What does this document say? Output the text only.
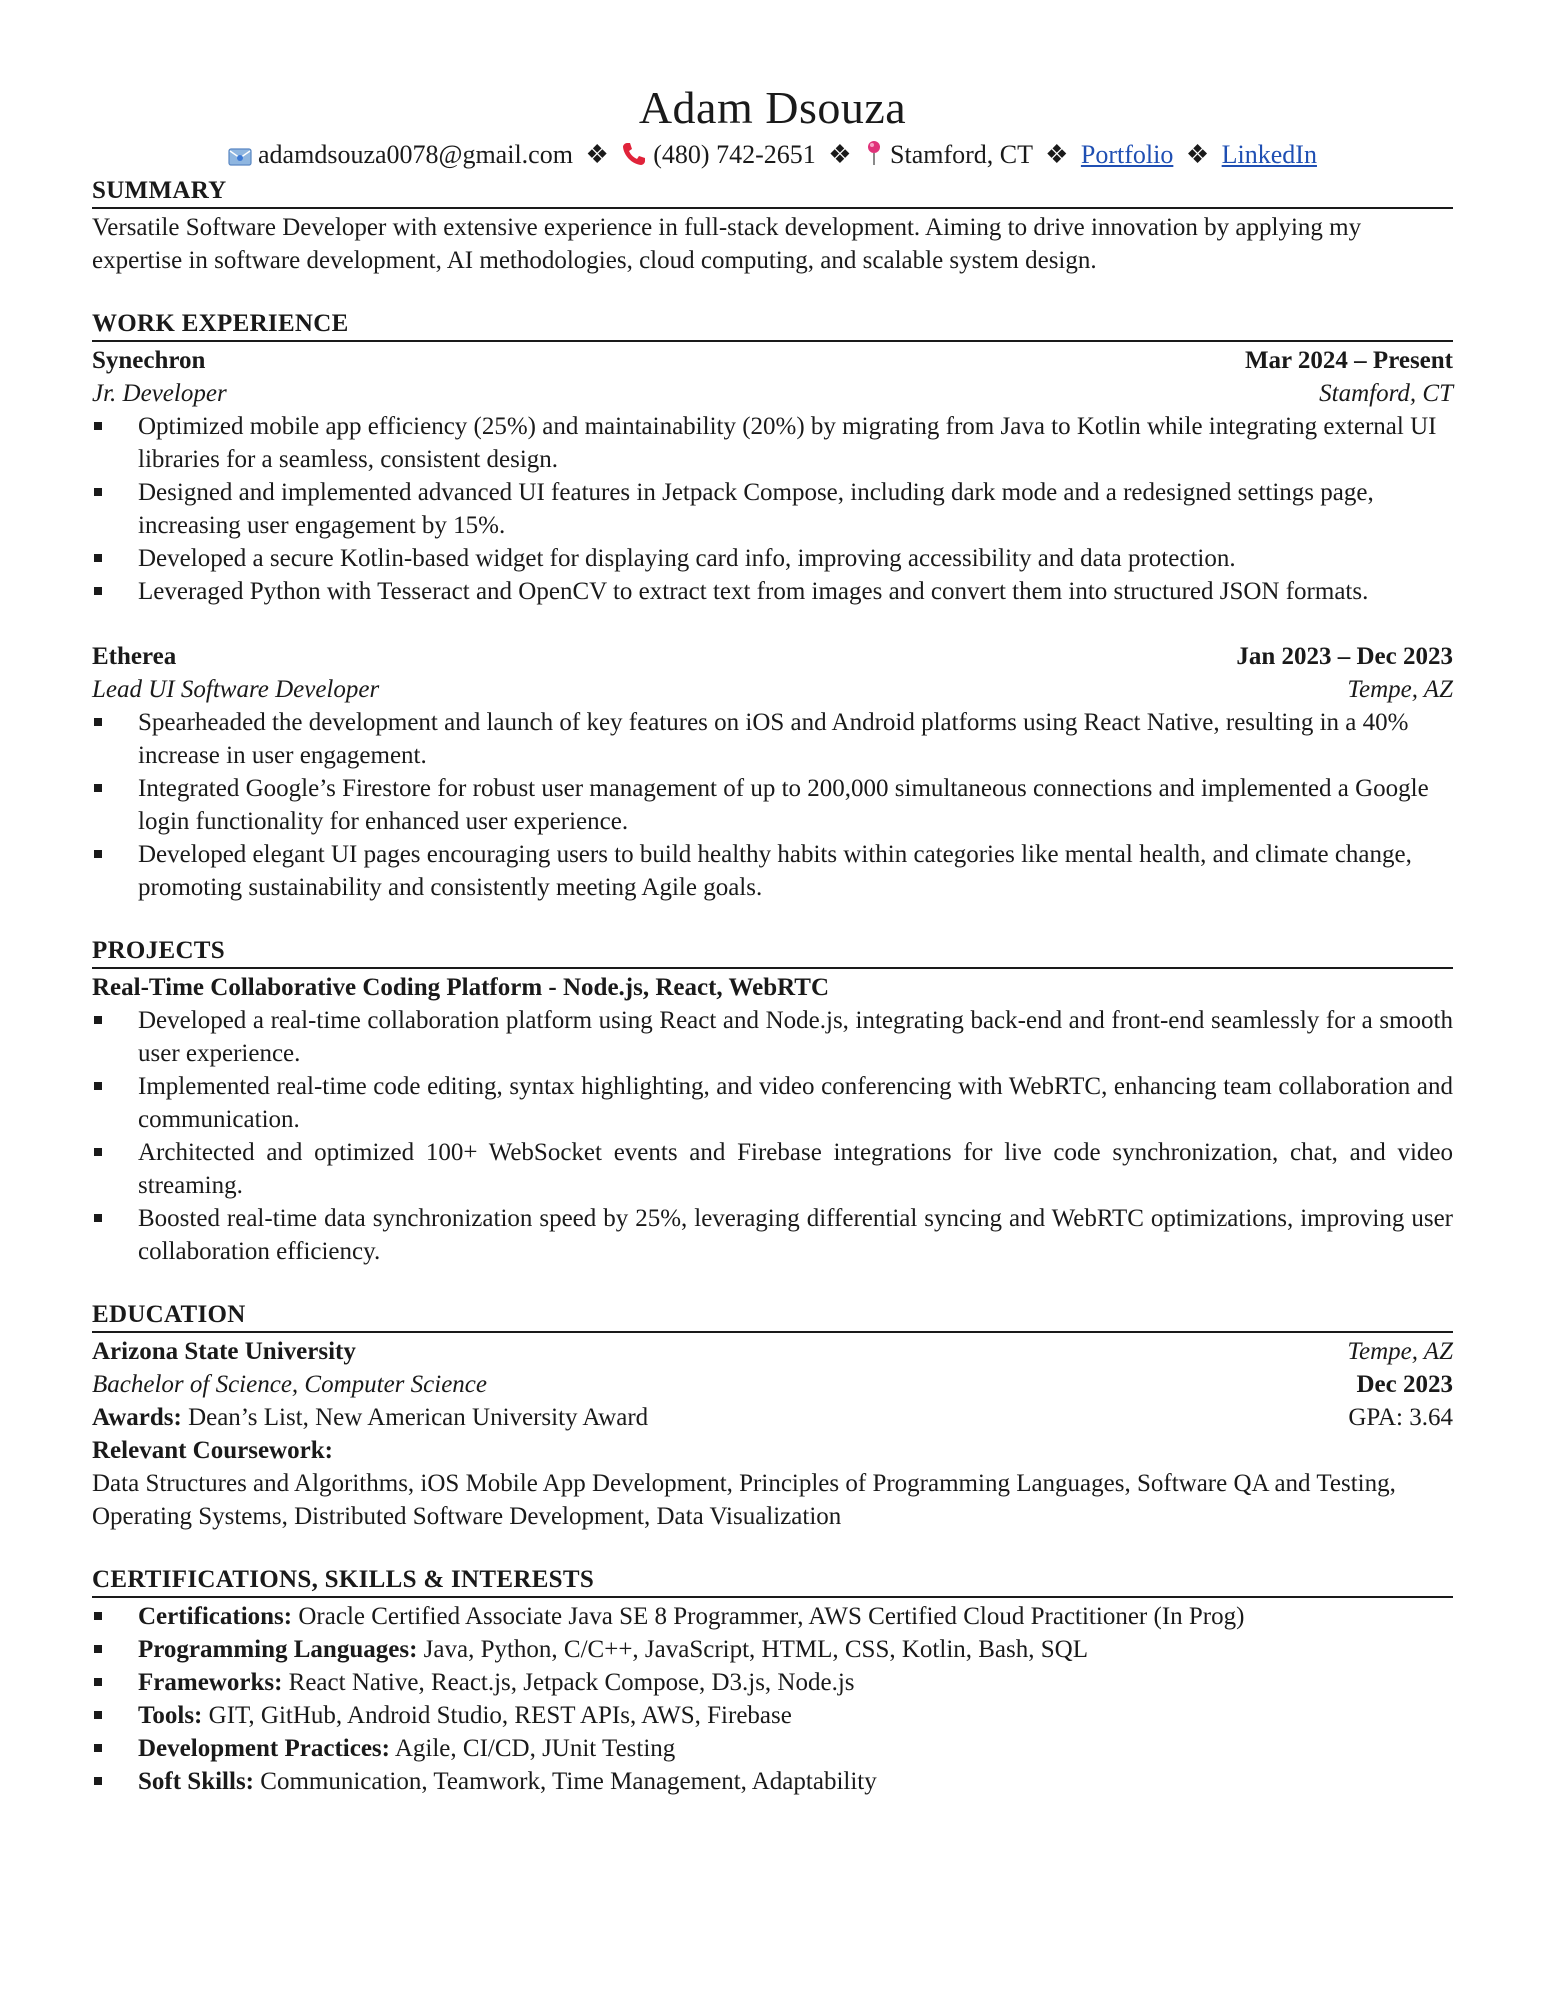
Adam Dsouza
adamdsouza0078@gmail.com ❖ (480) 742-2651 ❖ Stamford, CT ❖ Portfolio ❖ LinkedIn
SUMMARY

Versatile Software Developer with extensive experience in full-stack development. Aiming to drive innovation by applying my expertise in software development, AI methodologies, cloud computing, and scalable system design.

WORK EXPERIENCE
Synechron	Mar 2024 – Present
Jr. Developer	Stamford, CT
Optimized mobile app efficiency (25%) and maintainability (20%) by migrating from Java to Kotlin while integrating external UI libraries for a seamless, consistent design.
Designed and implemented advanced UI features in Jetpack Compose, including dark mode and a redesigned settings page, increasing user engagement by 15%.
Developed a secure Kotlin-based widget for displaying card info, improving accessibility and data protection.
Leveraged Python with Tesseract and OpenCV to extract text from images and convert them into structured JSON formats.
Etherea	Jan 2023 – Dec 2023
Lead UI Software Developer	Tempe, AZ
Spearheaded the development and launch of key features on iOS and Android platforms using React Native, resulting in a 40% increase in user engagement.
Integrated Google’s Firestore for robust user management of up to 200,000 simultaneous connections and implemented a Google login functionality for enhanced user experience.
Developed elegant UI pages encouraging users to build healthy habits within categories like mental health, and climate change, promoting sustainability and consistently meeting Agile goals.
PROJECTS
Real-Time Collaborative Coding Platform - Node.js, React, WebRTC
Developed a real-time collaboration platform using React and Node.js, integrating back-end and front-end seamlessly for a smooth user experience.
Implemented real-time code editing, syntax highlighting, and video conferencing with WebRTC, enhancing team collaboration and communication.
Architected and optimized 100+ WebSocket events and Firebase integrations for live code synchronization, chat, and video streaming.
Boosted real-time data synchronization speed by 25%, leveraging differential syncing and WebRTC optimizations, improving user collaboration efficiency.
EDUCATION
Arizona State University	Tempe, AZ
Bachelor of Science, Computer Science	Dec 2023
Awards: Dean’s List, New American University Award	GPA: 3.64
Relevant Coursework:

Data Structures and Algorithms, iOS Mobile App Development, Principles of Programming Languages, Software QA and Testing, Operating Systems, Distributed Software Development, Data Visualization

CERTIFICATIONS, SKILLS & INTERESTS
Certifications: Oracle Certified Associate Java SE 8 Programmer, AWS Certified Cloud Practitioner (In Prog)
Programming Languages: Java, Python, C/C++, JavaScript, HTML, CSS, Kotlin, Bash, SQL
Frameworks: React Native, React.js, Jetpack Compose, D3.js, Node.js
Tools: GIT, GitHub, Android Studio, REST APIs, AWS, Firebase
Development Practices: Agile, CI/CD, JUnit Testing
Soft Skills: Communication, Teamwork, Time Management, Adaptability
